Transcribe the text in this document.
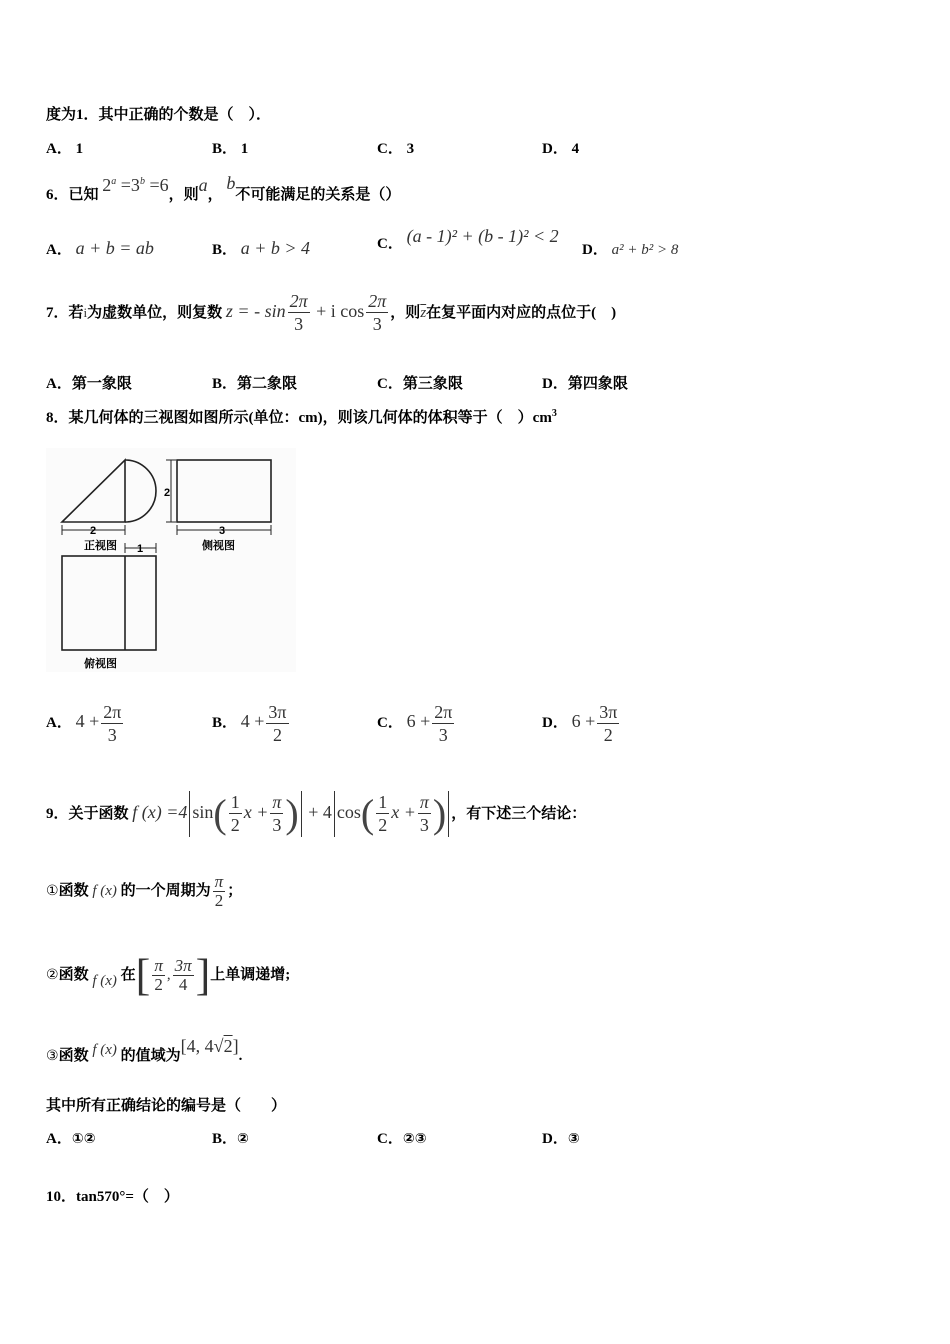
度为1．其中正确的个数是（　）．
A． 1	B． 1	C． 3	D． 4
6．已知 $2^a =3^b =6$，则a， b不可能满足的关系是（）
A． a + b = ab	B． a + b > 4	C． (a - 1)² + (b - 1)² < 2
D． a² + b² > 8
7．若i为虚数单位，则复数 z = - $\sin \frac{2\pi}{3} + i$ $\cos \frac{2\pi}{3}$ ，则$\overline{z}$在复平面内对应的点位于(　)
A．第一象限	B．第二象限	C．第三象限	D．第四象限
8．某几何体的三视图如图所示(单位：cm)，则该几何体的体积等于（　）$cm^3$
2
正视图
2
3
侧视图
1
俯视图
A． $4 + \frac{2\pi}{3}$	B． $4 + \frac{3\pi}{2}$	C． $6 + \frac{2\pi}{3}$	D． $6 + \frac{3\pi}{2}$
9．关于函数 f (x) =4 $\sin( \frac{1}{2}$ $x + \frac{\pi}{3}$ ) + 4 $\cos( \frac{1}{2}$ $x + \frac{\pi}{3}$ ) ，有下述三个结论：
①函数 f (x) 的一个周期为 $\frac{\pi}{2}$ ；
②函数 f (x) 在[ $\frac{\pi}{2}$ , $\frac{3\pi}{4}$ ]上单调递增;
③函数 f (x) 的值域为[4, 4√2].
其中所有正确结论的编号是（　　）
A．①②	B．②	C．②③	D．③
10．tan570°=（　）
